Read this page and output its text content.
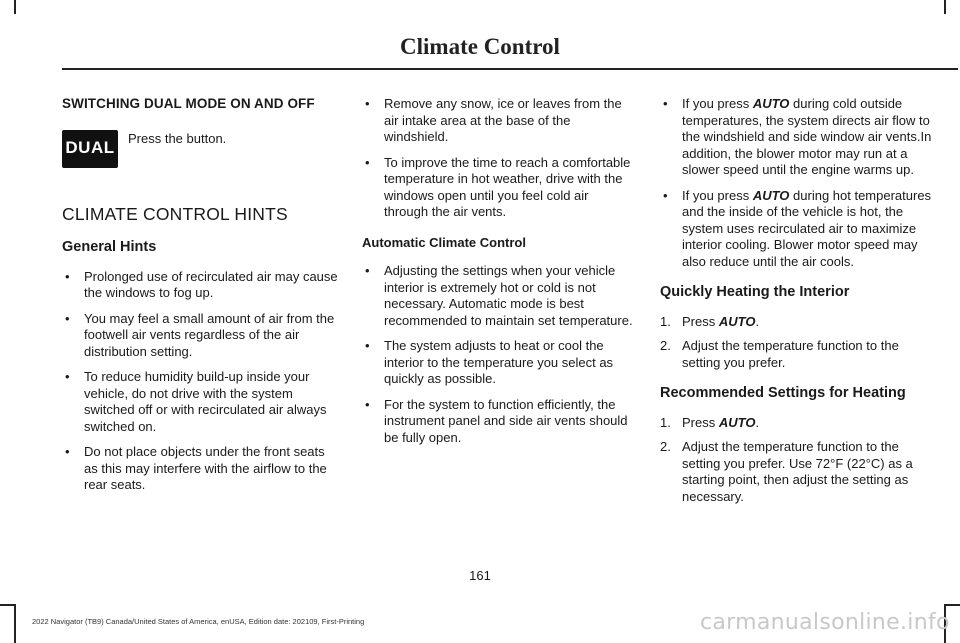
Climate Control
SWITCHING DUAL MODE ON AND OFF
DUAL
Press the button.
CLIMATE CONTROL HINTS
General Hints
• Prolonged use of recirculated air may cause the windows to fog up.
• You may feel a small amount of air from the footwell air vents regardless of the air distribution setting.
• To reduce humidity build-up inside your vehicle, do not drive with the system switched off or with recirculated air always switched on.
• Do not place objects under the front seats as this may interfere with the airflow to the rear seats.
• Remove any snow, ice or leaves from the air intake area at the base of the windshield.
• To improve the time to reach a comfortable temperature in hot weather, drive with the windows open until you feel cold air through the air vents.
Automatic Climate Control
• Adjusting the settings when your vehicle interior is extremely hot or cold is not necessary. Automatic mode is best recommended to maintain set temperature.
• The system adjusts to heat or cool the interior to the temperature you select as quickly as possible.
• For the system to function efficiently, the instrument panel and side air vents should be fully open.
• If you press AUTO during cold outside temperatures, the system directs air flow to the windshield and side window air vents.In addition, the blower motor may run at a slower speed until the engine warms up.
• If you press AUTO during hot temperatures and the inside of the vehicle is hot, the system uses recirculated air to maximize interior cooling. Blower motor speed may also reduce until the air cools.
Quickly Heating the Interior
1. Press AUTO.
2. Adjust the temperature function to the setting you prefer.
Recommended Settings for Heating
1. Press AUTO.
2. Adjust the temperature function to the setting you prefer. Use 72°F (22°C) as a starting point, then adjust the setting as necessary.
161
2022 Navigator (TB9) Canada/United States of America, enUSA, Edition date: 202109, First-Printing	carmanualsonline.info
